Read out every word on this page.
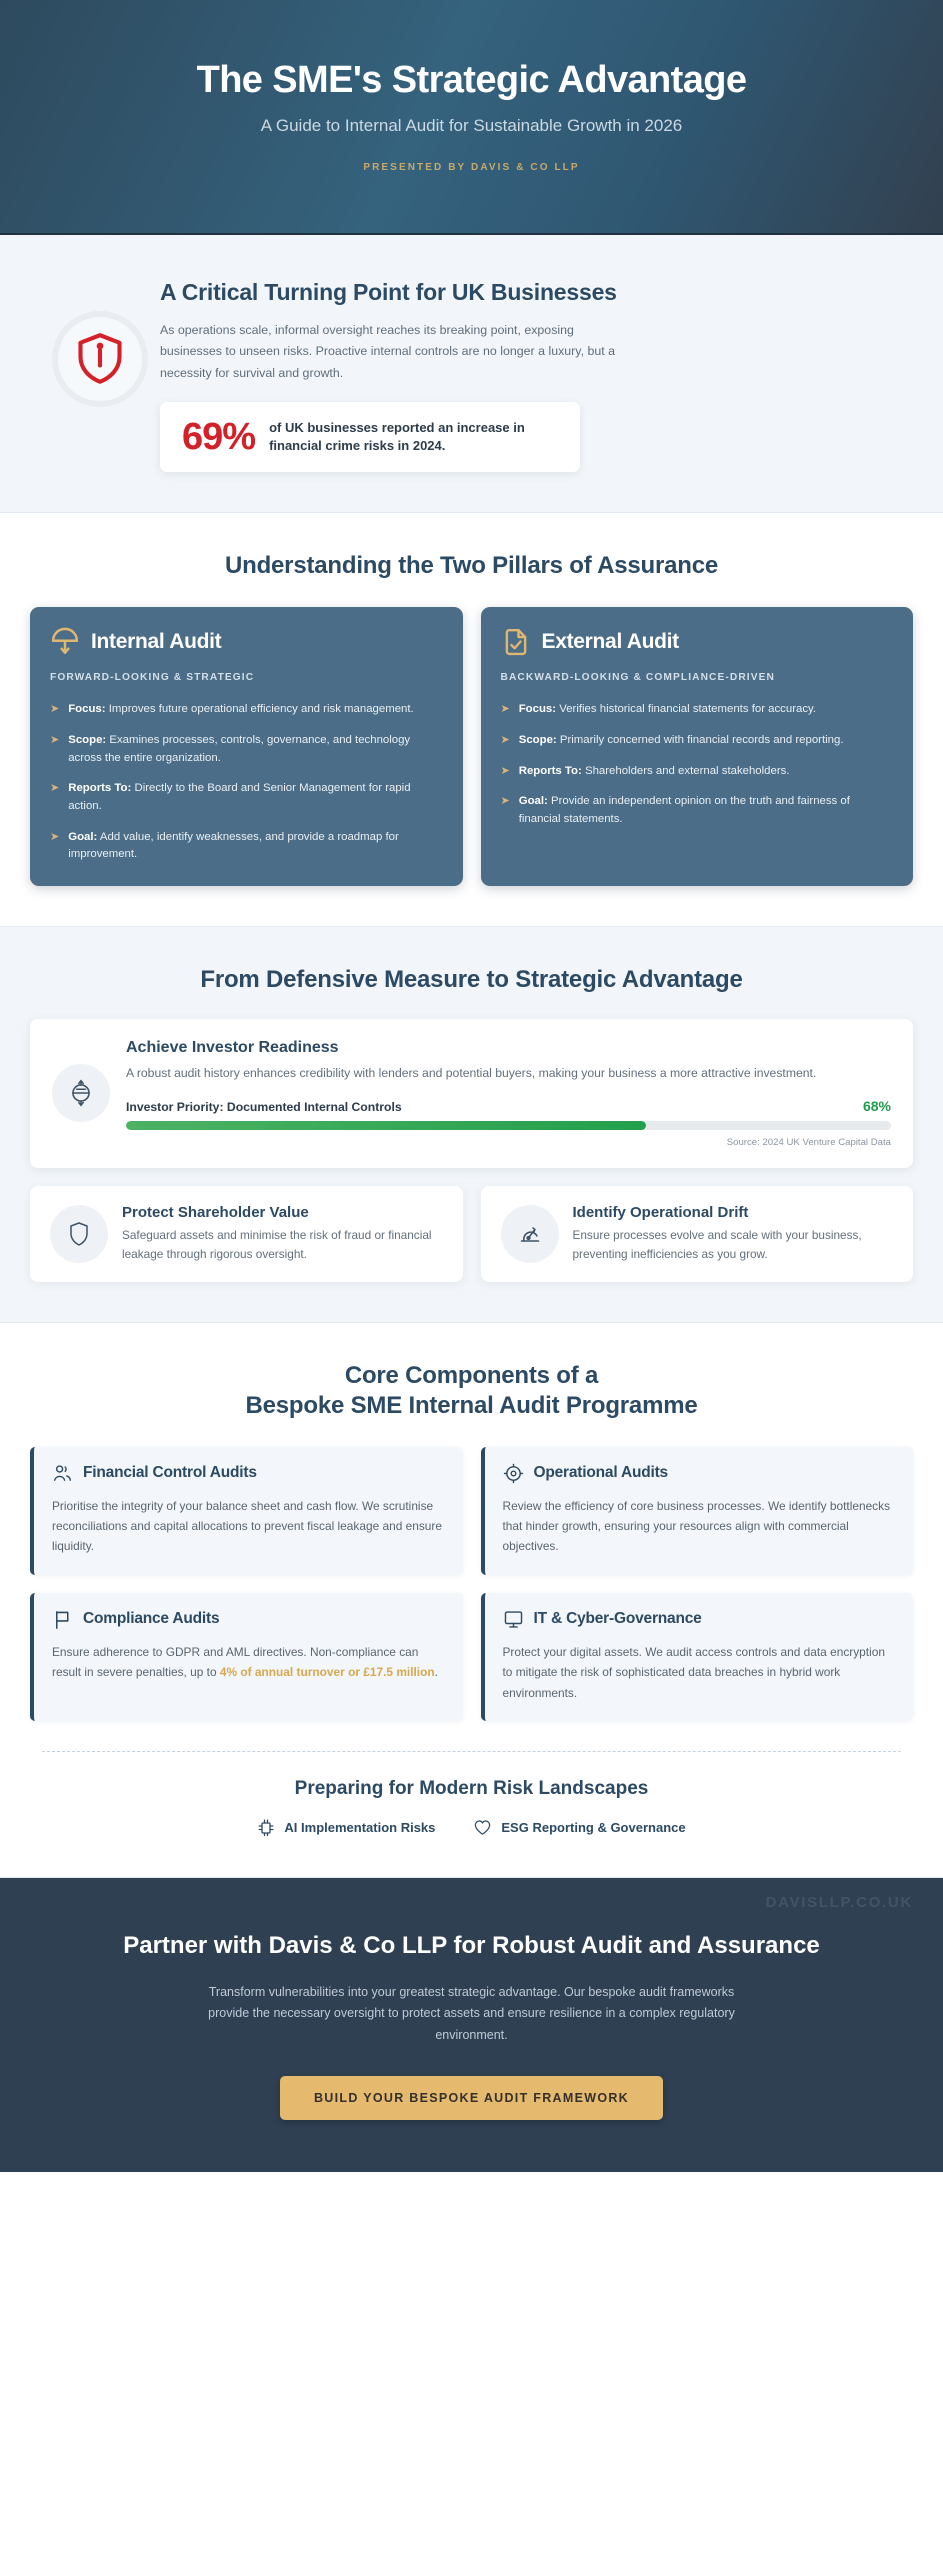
The SME's Strategic Advantage
A Guide to Internal Audit for Sustainable Growth in 2026
PRESENTED BY DAVIS & CO LLP
A Critical Turning Point for UK Businesses
As operations scale, informal oversight reaches its breaking point, exposing businesses to unseen risks. Proactive internal controls are no longer a luxury, but a necessity for survival and growth.
69% of UK businesses reported an increase in financial crime risks in 2024.
Understanding the Two Pillars of Assurance
Internal Audit
FORWARD-LOOKING & STRATEGIC
➤ Focus: Improves future operational efficiency and risk management.
➤ Scope: Examines processes, controls, governance, and technology across the entire organization.
➤ Reports To: Directly to the Board and Senior Management for rapid action.
➤ Goal: Add value, identify weaknesses, and provide a roadmap for improvement.
External Audit
BACKWARD-LOOKING & COMPLIANCE-DRIVEN
➤ Focus: Verifies historical financial statements for accuracy.
➤ Scope: Primarily concerned with financial records and reporting.
➤ Reports To: Shareholders and external stakeholders.
➤ Goal: Provide an independent opinion on the truth and fairness of financial statements.
From Defensive Measure to Strategic Advantage
Achieve Investor Readiness
A robust audit history enhances credibility with lenders and potential buyers, making your business a more attractive investment.
Investor Priority: Documented Internal Controls	68%
Source: 2024 UK Venture Capital Data
Protect Shareholder Value
Safeguard assets and minimise the risk of fraud or financial leakage through rigorous oversight.
Identify Operational Drift
Ensure processes evolve and scale with your business, preventing inefficiencies as you grow.
Core Components of a
Bespoke SME Internal Audit Programme
Financial Control Audits
Prioritise the integrity of your balance sheet and cash flow. We scrutinise reconciliations and capital allocations to prevent fiscal leakage and ensure liquidity.
Operational Audits
Review the efficiency of core business processes. We identify bottlenecks that hinder growth, ensuring your resources align with commercial objectives.
Compliance Audits
Ensure adherence to GDPR and AML directives. Non-compliance can result in severe penalties, up to 4% of annual turnover or £17.5 million.
IT & Cyber-Governance
Protect your digital assets. We audit access controls and data encryption to mitigate the risk of sophisticated data breaches in hybrid work environments.
Preparing for Modern Risk Landscapes
AI Implementation Risks	ESG Reporting & Governance
DAVISLLP.CO.UK
Partner with Davis & Co LLP for Robust Audit and Assurance
Transform vulnerabilities into your greatest strategic advantage. Our bespoke audit frameworks provide the necessary oversight to protect assets and ensure resilience in a complex regulatory environment.
BUILD YOUR BESPOKE AUDIT FRAMEWORK
